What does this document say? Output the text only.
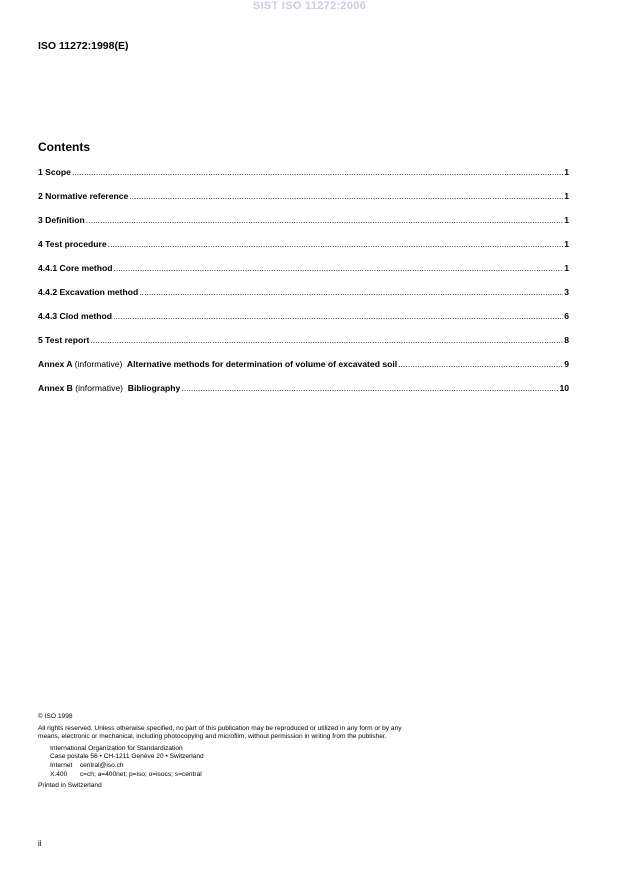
SIST ISO 11272:2006
ISO 11272:1998(E)
Contents
1 Scope .....	1
2 Normative reference .....	1
3 Definition .....	1
4 Test procedure .....	1
4.4.1 Core method .....	1
4.4.2 Excavation method .....	3
4.4.3 Clod method .....	6
5 Test report .....	8
Annex A (informative) Alternative methods for determination of volume of excavated soil .....	9
Annex B (informative) Bibliography .....	10

© ISO 1998

All rights reserved. Unless otherwise specified, no part of this publication may be reproduced or utilized in any form or by any means, electronic or mechanical, including photocopying and microfilm, without permission in writing from the publisher.

International Organization for Standardization

Case postale 56 • CH-1211 Genève 20 • Switzerland

Internet central@iso.ch

X.400 c=ch; a=400net; p=iso; o=isocs; s=central

Printed in Switzerland

ii
